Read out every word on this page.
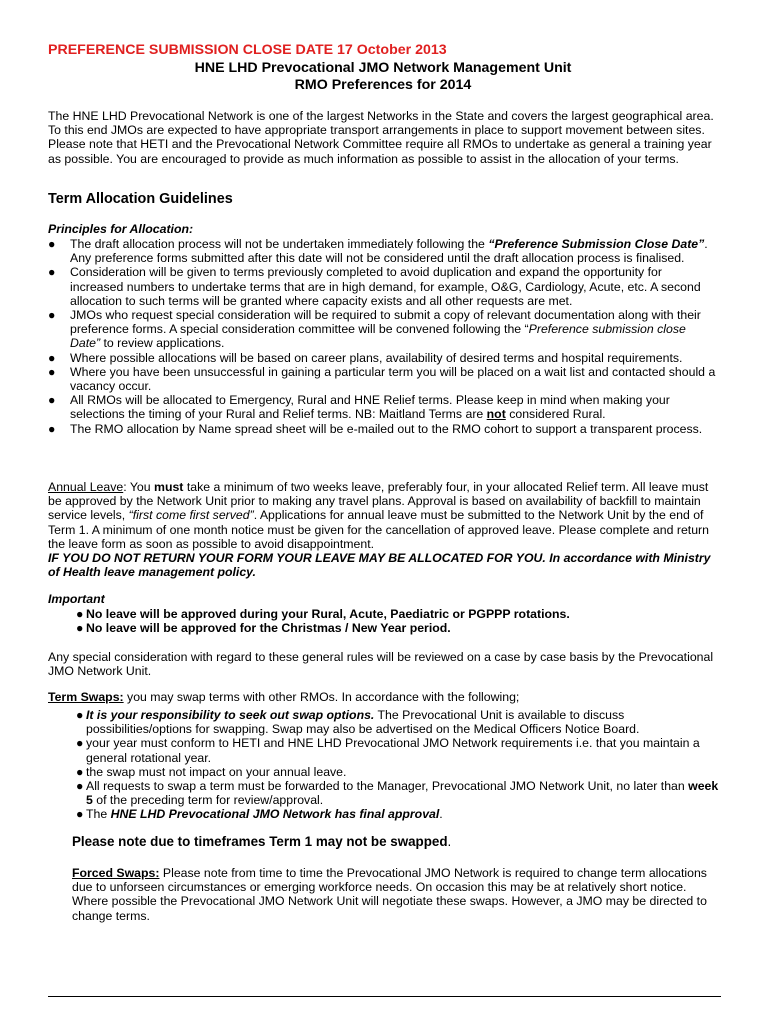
PREFERENCE SUBMISSION CLOSE DATE 17 October 2013
HNE LHD Prevocational JMO Network Management Unit
RMO Preferences for 2014
The HNE LHD Prevocational Network is one of the largest Networks in the State and covers the largest geographical area. To this end JMOs are expected to have appropriate transport arrangements in place to support movement between sites. Please note that HETI and the Prevocational Network Committee require all RMOs to undertake as general a training year as possible. You are encouraged to provide as much information as possible to assist in the allocation of your terms.
Term Allocation Guidelines
Principles for Allocation:
● The draft allocation process will not be undertaken immediately following the “Preference Submission Close Date”. Any preference forms submitted after this date will not be considered until the draft allocation process is finalised.
● Consideration will be given to terms previously completed to avoid duplication and expand the opportunity for increased numbers to undertake terms that are in high demand, for example, O&G, Cardiology, Acute, etc. A second allocation to such terms will be granted where capacity exists and all other requests are met.
● JMOs who request special consideration will be required to submit a copy of relevant documentation along with their preference forms. A special consideration committee will be convened following the “Preference submission close Date” to review applications.
● Where possible allocations will be based on career plans, availability of desired terms and hospital requirements.
● Where you have been unsuccessful in gaining a particular term you will be placed on a wait list and contacted should a vacancy occur.
● All RMOs will be allocated to Emergency, Rural and HNE Relief terms. Please keep in mind when making your selections the timing of your Rural and Relief terms. NB: Maitland Terms are not considered Rural.
● The RMO allocation by Name spread sheet will be e-mailed out to the RMO cohort to support a transparent process.
Annual Leave: You must take a minimum of two weeks leave, preferably four, in your allocated Relief term. All leave must be approved by the Network Unit prior to making any travel plans. Approval is based on availability of backfill to maintain service levels, “first come first served”. Applications for annual leave must be submitted to the Network Unit by the end of Term 1. A minimum of one month notice must be given for the cancellation of approved leave. Please complete and return the leave form as soon as possible to avoid disappointment.
IF YOU DO NOT RETURN YOUR FORM YOUR LEAVE MAY BE ALLOCATED FOR YOU. In accordance with Ministry of Health leave management policy.
Important
● No leave will be approved during your Rural, Acute, Paediatric or PGPPP rotations.
● No leave will be approved for the Christmas / New Year period.
Any special consideration with regard to these general rules will be reviewed on a case by case basis by the Prevocational JMO Network Unit.
Term Swaps: you may swap terms with other RMOs. In accordance with the following;
● It is your responsibility to seek out swap options. The Prevocational Unit is available to discuss possibilities/options for swapping. Swap may also be advertised on the Medical Officers Notice Board.
● your year must conform to HETI and HNE LHD Prevocational JMO Network requirements i.e. that you maintain a general rotational year.
● the swap must not impact on your annual leave.
● All requests to swap a term must be forwarded to the Manager, Prevocational JMO Network Unit, no later than week 5 of the preceding term for review/approval.
● The HNE LHD Prevocational JMO Network has final approval.
Please note due to timeframes Term 1 may not be swapped.
Forced Swaps: Please note from time to time the Prevocational JMO Network is required to change term allocations due to unforseen circumstances or emerging workforce needs. On occasion this may be at relatively short notice. Where possible the Prevocational JMO Network Unit will negotiate these swaps. However, a JMO may be directed to change terms.
